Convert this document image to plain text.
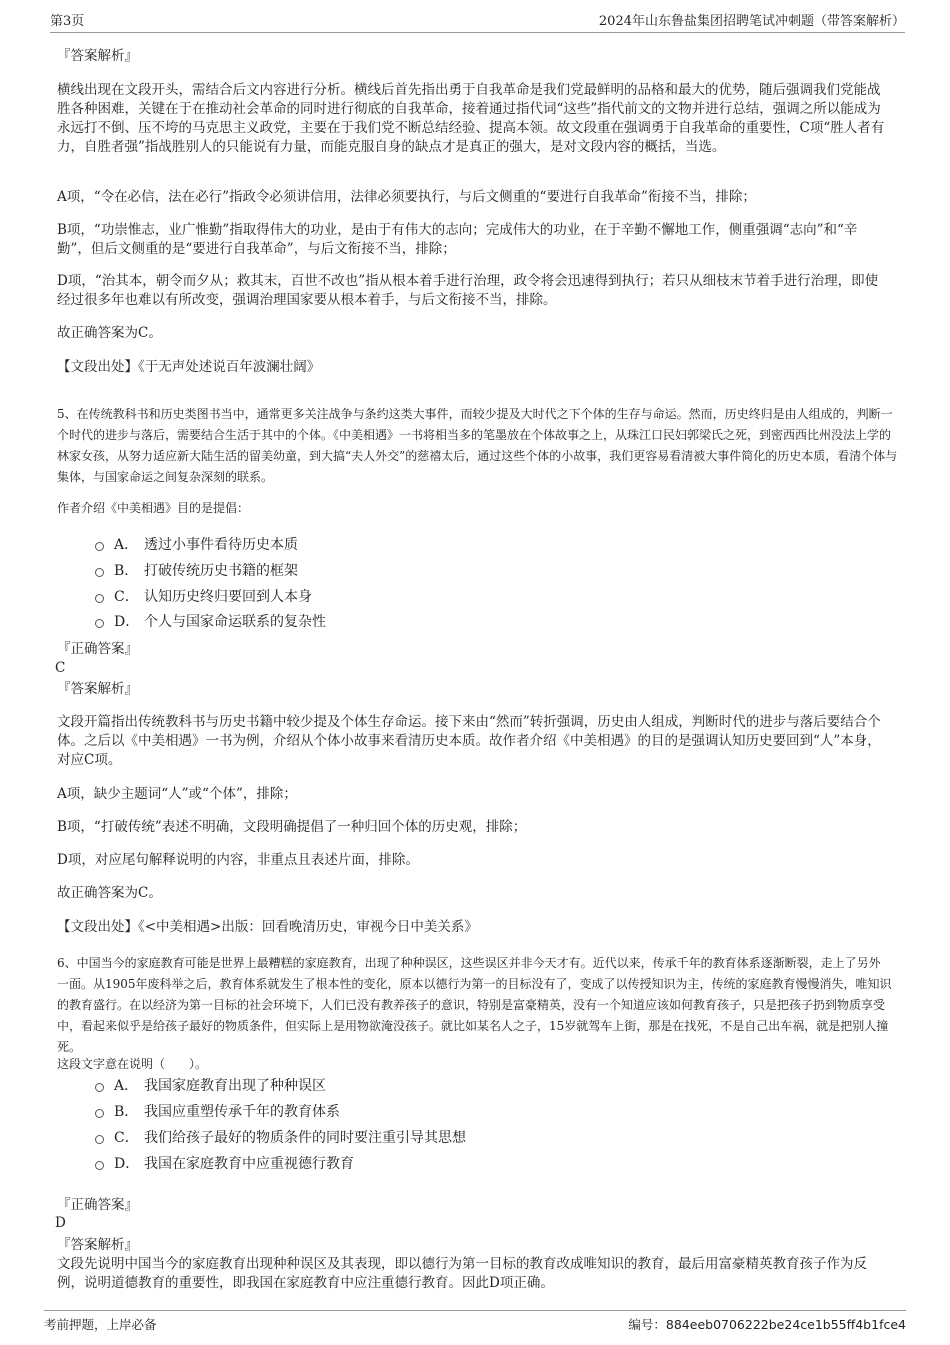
第3页	2024年山东鲁盐集团招聘笔试冲刺题（带答案解析）
『答案解析』
横线出现在文段开头，需结合后文内容进行分析。横线后首先指出勇于自我革命是我们党最鲜明的品格和最大的优势，随后强调我们党能战胜各种困难，关键在于在推动社会革命的同时进行彻底的自我革命，接着通过指代词“这些”指代前文的文物并进行总结，强调之所以能成为永远打不倒、压不垮的马克思主义政党，主要在于我们党不断总结经验、提高本领。故文段重在强调勇于自我革命的重要性，C项“胜人者有力，自胜者强”指战胜别人的只能说有力量，而能克服自身的缺点才是真正的强大，是对文段内容的概括，当选。
A项，“令在必信，法在必行”指政令必须讲信用，法律必须要执行，与后文侧重的“要进行自我革命”衔接不当，排除；
B项，“功崇惟志，业广惟勤”指取得伟大的功业，是由于有伟大的志向；完成伟大的功业，在于辛勤不懈地工作，侧重强调“志向”和“辛勤”，但后文侧重的是“要进行自我革命”，与后文衔接不当，排除；
D项，“治其本，朝令而夕从；救其末，百世不改也”指从根本着手进行治理，政令将会迅速得到执行；若只从细枝末节着手进行治理，即使经过很多年也难以有所改变，强调治理国家要从根本着手，与后文衔接不当，排除。
故正确答案为C。
【文段出处】《于无声处述说百年波澜壮阔》
5、在传统教科书和历史类图书当中，通常更多关注战争与条约这类大事件，而较少提及大时代之下个体的生存与命运。然而，历史终归是由人组成的，判断一个时代的进步与落后，需要结合生活于其中的个体。《中美相遇》一书将相当多的笔墨放在个体故事之上，从珠江口民妇郭梁氏之死，到密西西比州没法上学的林家女孩，从努力适应新大陆生活的留美幼童，到大搞“夫人外交”的慈禧太后，通过这些个体的小故事，我们更容易看清被大事件简化的历史本质，看清个体与集体，与国家命运之间复杂深刻的联系。
作者介绍《中美相遇》目的是提倡：
A． 透过小事件看待历史本质
B． 打破传统历史书籍的框架
C． 认知历史终归要回到人本身
D． 个人与国家命运联系的复杂性
『正确答案』
C
『答案解析』
文段开篇指出传统教科书与历史书籍中较少提及个体生存命运。接下来由“然而”转折强调，历史由人组成，判断时代的进步与落后要结合个体。之后以《中美相遇》一书为例，介绍从个体小故事来看清历史本质。故作者介绍《中美相遇》的目的是强调认知历史要回到“人”本身，对应C项。
A项，缺少主题词“人”或“个体”，排除；
B项，“打破传统”表述不明确，文段明确提倡了一种归回个体的历史观，排除；
D项，对应尾句解释说明的内容，非重点且表述片面，排除。
故正确答案为C。
【文段出处】《<中美相遇>出版：回看晚清历史，审视今日中美关系》
6、中国当今的家庭教育可能是世界上最糟糕的家庭教育，出现了种种误区，这些误区并非今天才有。近代以来，传承千年的教育体系逐渐断裂，走上了另外一面。从1905年废科举之后，教育体系就发生了根本性的变化，原本以德行为第一的目标没有了，变成了以传授知识为主，传统的家庭教育慢慢消失，唯知识的教育盛行。在以经济为第一目标的社会环境下，人们已没有教养孩子的意识，特别是富豪精英，没有一个知道应该如何教育孩子，只是把孩子扔到物质享受中，看起来似乎是给孩子最好的物质条件，但实际上是用物欲淹没孩子。就比如某名人之子，15岁就驾车上街，那是在找死，不是自己出车祸，就是把别人撞死。
这段文字意在说明（　　）。
A． 我国家庭教育出现了种种误区
B． 我国应重塑传承千年的教育体系
C． 我们给孩子最好的物质条件的同时要注重引导其思想
D． 我国在家庭教育中应重视德行教育
『正确答案』
D
『答案解析』
文段先说明中国当今的家庭教育出现种种误区及其表现，即以德行为第一目标的教育改成唯知识的教育，最后用富豪精英教育孩子作为反例，说明道德教育的重要性，即我国在家庭教育中应注重德行教育。因此D项正确。
考前押题，上岸必备	编号：884eeb0706222be24ce1b55ff4b1fce4
